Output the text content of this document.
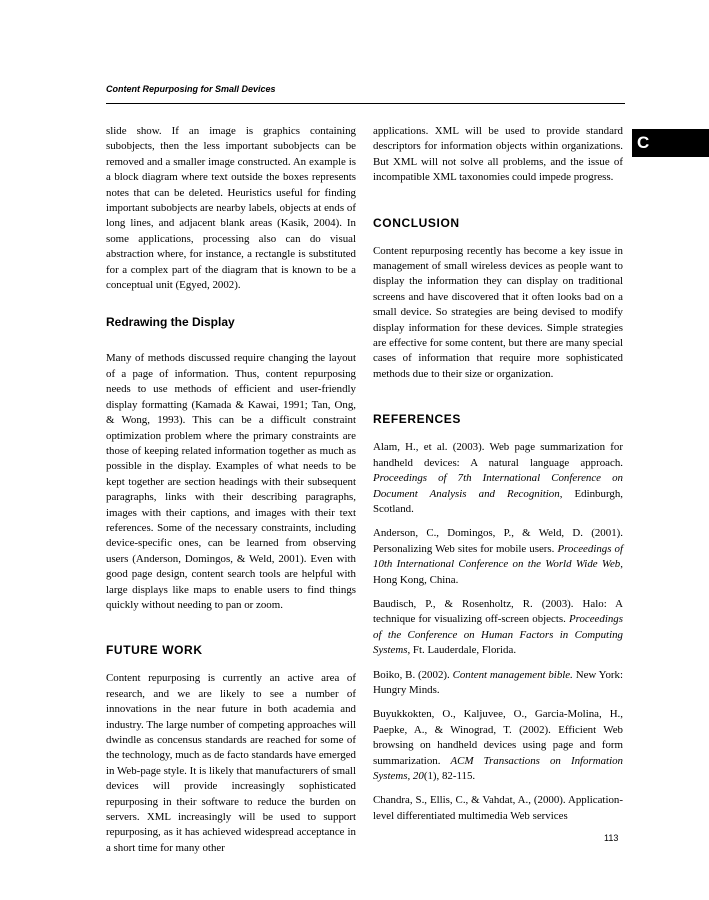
Content Repurposing for Small Devices
C

slide show. If an image is graphics containing subobjects, then the less important subobjects can be removed and a smaller image constructed. An example is a block diagram where text outside the boxes represents notes that can be deleted. Heuristics useful for finding important subobjects are nearby labels, objects at ends of long lines, and adjacent blank areas (Kasik, 2004). In some applications, processing also can do visual abstraction where, for instance, a rectangle is substituted for a complex part of the diagram that is known to be a conceptual unit (Egyed, 2002).

Redrawing the Display

Many of methods discussed require changing the layout of a page of information. Thus, content repurposing needs to use methods of efficient and user-friendly display formatting (Kamada & Kawai, 1991; Tan, Ong, & Wong, 1993). This can be a difficult constraint optimization problem where the primary constraints are those of keeping related information together as much as possible in the display. Examples of what needs to be kept together are section headings with their subsequent paragraphs, links with their describing paragraphs, images with their captions, and images with their text references. Some of the necessary constraints, including device-specific ones, can be learned from observing users (Anderson, Domingos, & Weld, 2001). Even with good page design, content search tools are helpful with large displays like maps to enable users to find things quickly without needing to pan or zoom.

FUTURE WORK

Content repurposing is currently an active area of research, and we are likely to see a number of innovations in the near future in both academia and industry. The large number of competing approaches will dwindle as concensus standards are reached for some of the technology, much as de facto standards have emerged in Web-page style. It is likely that manufacturers of small devices will provide increasingly sophisticated repurposing in their software to reduce the burden on servers. XML increasingly will be used to support repurposing, as it has achieved widespread acceptance in a short time for many other

applications. XML will be used to provide standard descriptors for information objects within organizations. But XML will not solve all problems, and the issue of incompatible XML taxonomies could impede progress.

CONCLUSION

Content repurposing recently has become a key issue in management of small wireless devices as people want to display the information they can display on traditional screens and have discovered that it often looks bad on a small device. So strategies are being devised to modify display information for these devices. Simple strategies are effective for some content, but there are many special cases of information that require more sophisticated methods due to their size or organization.

REFERENCES

Alam, H., et al. (2003). Web page summarization for handheld devices: A natural language approach. Proceedings of 7th International Conference on Document Analysis and Recognition, Edinburgh, Scotland.

Anderson, C., Domingos, P., & Weld, D. (2001). Personalizing Web sites for mobile users. Proceedings of 10th International Conference on the World Wide Web, Hong Kong, China.

Baudisch, P., & Rosenholtz, R. (2003). Halo: A technique for visualizing off-screen objects. Proceedings of the Conference on Human Factors in Computing Systems, Ft. Lauderdale, Florida.

Boiko, B. (2002). Content management bible. New York: Hungry Minds.

Buyukkokten, O., Kaljuvee, O., Garcia-Molina, H., Paepke, A., & Winograd, T. (2002). Efficient Web browsing on handheld devices using page and form summarization. ACM Transactions on Information Systems, 20(1), 82-115.

Chandra, S., Ellis, C., & Vahdat, A., (2000). Application-level differentiated multimedia Web services

113
